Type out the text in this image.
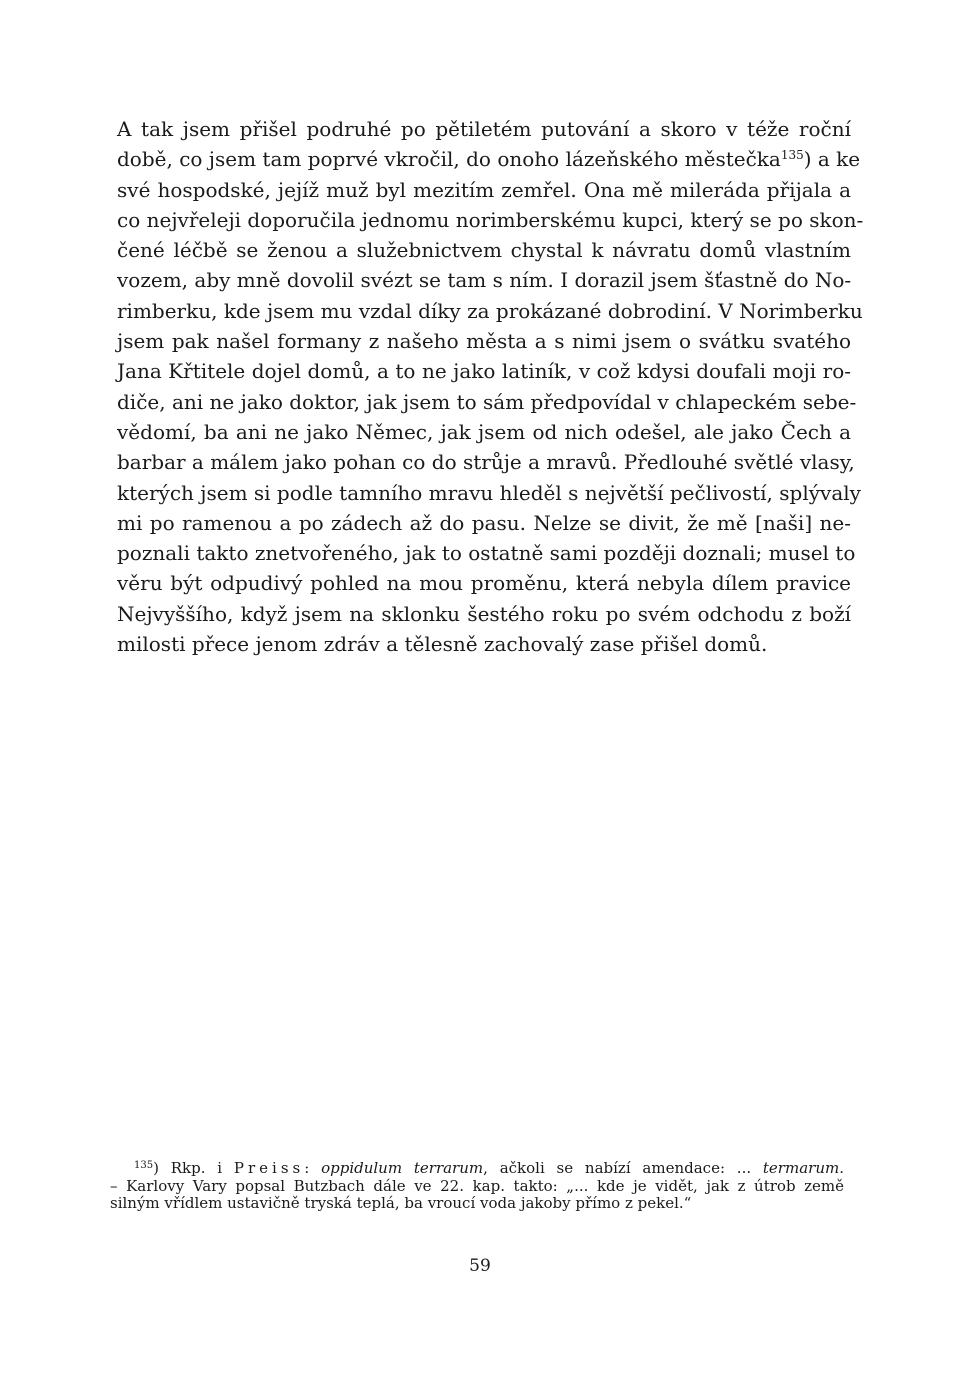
A tak jsem přišel podruhé po pětiletém putování a skoro v téže roční
době, co jsem tam poprvé vkročil, do onoho lázeňského městečka$^{135}$) a ke
své hospodské, jejíž muž byl mezitím zemřel. Ona mě mileráda přijala a
co nejvřeleji doporučila jednomu norimberskému kupci, který se po skon-
čené léčbě se ženou a služebnictvem chystal k návratu domů vlastním
vozem, aby mně dovolil svézt se tam s ním. I dorazil jsem šťastně do No-
rimberku, kde jsem mu vzdal díky za prokázané dobrodiní. V Norimberku
jsem pak našel formany z našeho města a s nimi jsem o svátku svatého
Jana Křtitele dojel domů, a to ne jako latiník, v což kdysi doufali moji ro-
diče, ani ne jako doktor, jak jsem to sám předpovídal v chlapeckém sebe-
vědomí, ba ani ne jako Němec, jak jsem od nich odešel, ale jako Čech a
barbar a málem jako pohan co do strůje a mravů. Předlouhé světlé vlasy,
kterých jsem si podle tamního mravu hleděl s největší pečlivostí, splývaly
mi po ramenou a po zádech až do pasu. Nelze se divit, že mě [naši] ne-
poznali takto znetvořeného, jak to ostatně sami později doznali; musel to
věru být odpudivý pohled na mou proměnu, která nebyla dílem pravice
Nejvyššího, když jsem na sklonku šestého roku po svém odchodu z boží
milosti přece jenom zdráv a tělesně zachovalý zase přišel domů.
$^{135}$) Rkp. i Preiss: oppidulum terrarum, ačkoli se nabízí amendace: ... termarum.
– Karlovy Vary popsal Butzbach dále ve 22. kap. takto: „... kde je vidět, jak z útrob země
silným vřídlem ustavičně tryská teplá, ba vroucí voda jakoby přímo z pekel.“
59
